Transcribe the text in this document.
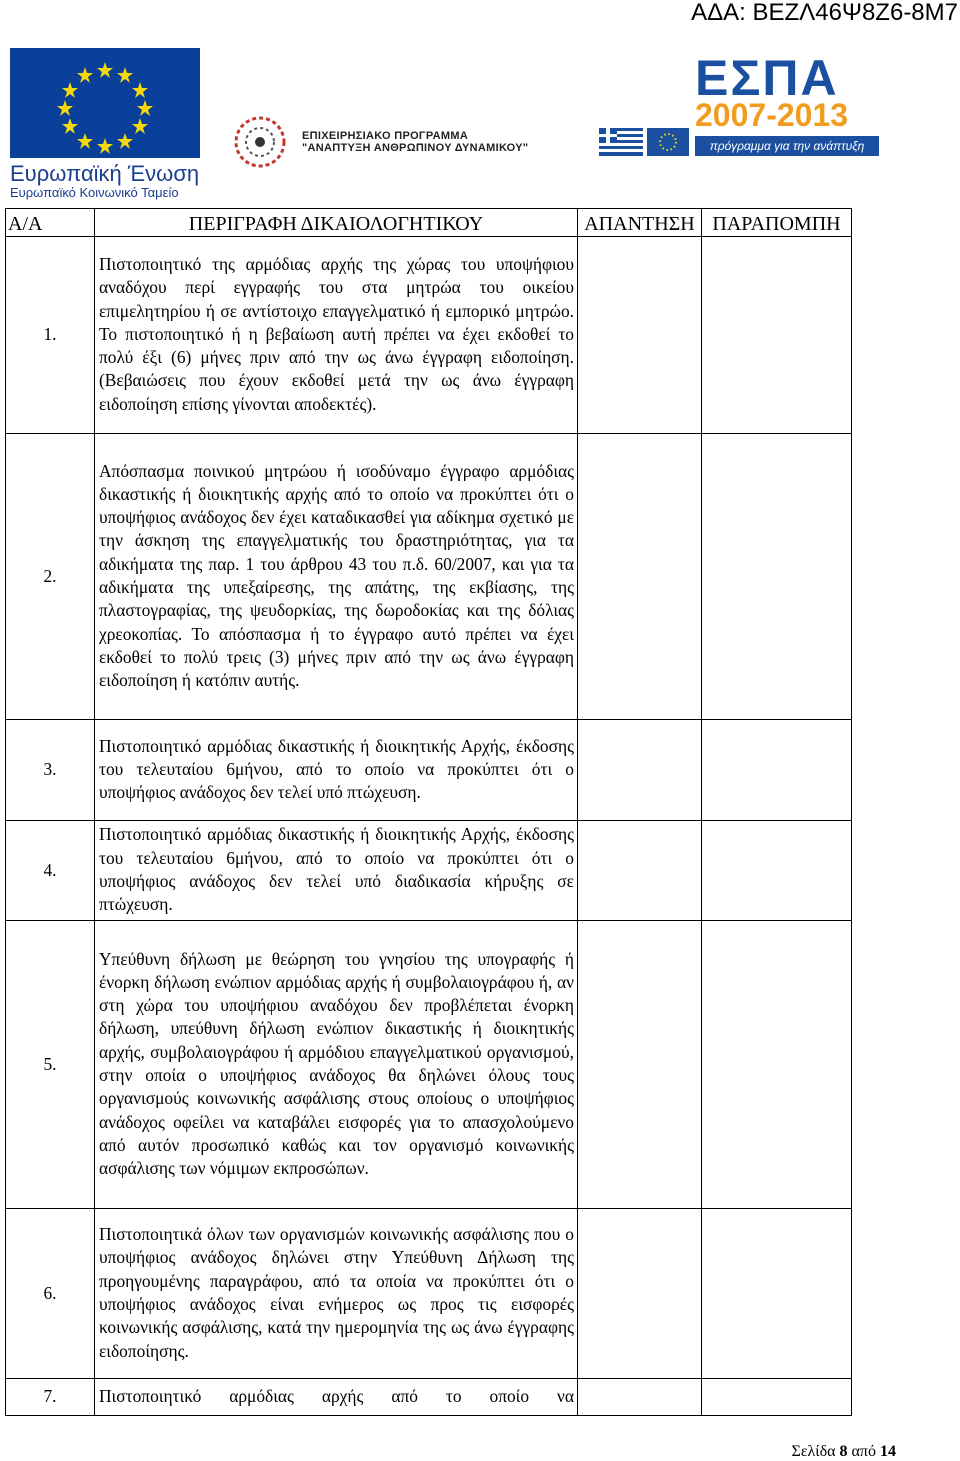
ΑΔΑ: ΒΕΖΛ46Ψ8Ζ6-8Μ7
Ευρωπαϊκή Ένωση
Ευρωπαϊκό Κοινωνικό Ταμείο
ΕΠΙΧΕΙΡΗΣΙΑΚΟ ΠΡΟΓΡΑΜΜΑ
"ΑΝΑΠΤΥΞΗ ΑΝΘΡΩΠΙΝΟΥ ΔΥΝΑΜΙΚΟΥ"
ΕΣΠΑ
2007-2013
πρόγραμμα για την ανάπτυξη
Α/Α	ΠΕΡΙΓΡΑΦΗ ΔΙΚΑΙΟΛΟΓΗΤΙΚΟΥ	ΑΠΑΝΤΗΣΗ	ΠΑΡΑΠΟΜΠΗ
1.	Πιστοποιητικό της αρμόδιας αρχής της χώρας του υποψήφιου αναδόχου περί εγγραφής του στα μητρώα του οικείου επιμελητηρίου ή σε αντίστοιχο επαγγελματικό ή εμπορικό μητρώο. Το πιστοποιητικό ή η βεβαίωση αυτή πρέπει να έχει εκδοθεί το πολύ έξι (6) μήνες πριν από την ως άνω έγγραφη ειδοποίηση. (Βεβαιώσεις που έχουν εκδοθεί μετά την ως άνω έγγραφη ειδοποίηση επίσης γίνονται αποδεκτές).		

2.	Απόσπασμα ποινικού μητρώου ή ισοδύναμο έγγραφο αρμόδιας δικαστικής ή διοικητικής αρχής από το οποίο να προκύπτει ότι ο υποψήφιος ανάδοχος δεν έχει καταδικασθεί για αδίκημα σχετικό με την άσκηση της επαγγελματικής του δραστηριότητας, για τα αδικήματα της παρ. 1 του άρθρου 43 του π.δ. 60/2007, και για τα αδικήματα της υπεξαίρεσης, της απάτης, της εκβίασης, της πλαστογραφίας, της ψευδορκίας, της δωροδοκίας και της δόλιας χρεοκοπίας. Το απόσπασμα ή το έγγραφο αυτό πρέπει να έχει εκδοθεί το πολύ τρεις (3) μήνες πριν από την ως άνω έγγραφη ειδοποίηση ή κατόπιν αυτής.		

3.	Πιστοποιητικό αρμόδιας δικαστικής ή διοικητικής Αρχής, έκδοσης του τελευταίου 6μήνου, από το οποίο να προκύπτει ότι ο υποψήφιος ανάδοχος δεν τελεί υπό πτώχευση.		

4.	Πιστοποιητικό αρμόδιας δικαστικής ή διοικητικής Αρχής, έκδοσης του τελευταίου 6μήνου, από το οποίο να προκύπτει ότι ο υποψήφιος ανάδοχος δεν τελεί υπό διαδικασία κήρυξης σε πτώχευση.		

5.	Υπεύθυνη δήλωση με θεώρηση του γνησίου της υπογραφής ή ένορκη δήλωση ενώπιον αρμόδιας αρχής ή συμβολαιογράφου ή, αν στη χώρα του υποψήφιου αναδόχου δεν προβλέπεται ένορκη δήλωση, υπεύθυνη δήλωση ενώπιον δικαστικής ή διοικητικής αρχής, συμβολαιογράφου ή αρμόδιου επαγγελματικού οργανισμού, στην οποία ο υποψήφιος ανάδοχος θα δηλώνει όλους τους οργανισμούς κοινωνικής ασφάλισης στους οποίους ο υποψήφιος ανάδοχος οφείλει να καταβάλει εισφορές για το απασχολούμενο από αυτόν προσωπικό καθώς και τον οργανισμό κοινωνικής ασφάλισης των νόμιμων εκπροσώπων.		

6.	Πιστοποιητικά όλων των οργανισμών κοινωνικής ασφάλισης που ο υποψήφιος ανάδοχος δηλώνει στην Υπεύθυνη Δήλωση της προηγουμένης παραγράφου, από τα οποία να προκύπτει ότι ο υποψήφιος ανάδοχος είναι ενήμερος ως προς τις εισφορές κοινωνικής ασφάλισης, κατά την ημερομηνία της ως άνω έγγραφης ειδοποίησης.		

7.	Πιστοποιητικό αρμόδιας αρχής από το οποίο να		

Σελίδα 8 από 14
